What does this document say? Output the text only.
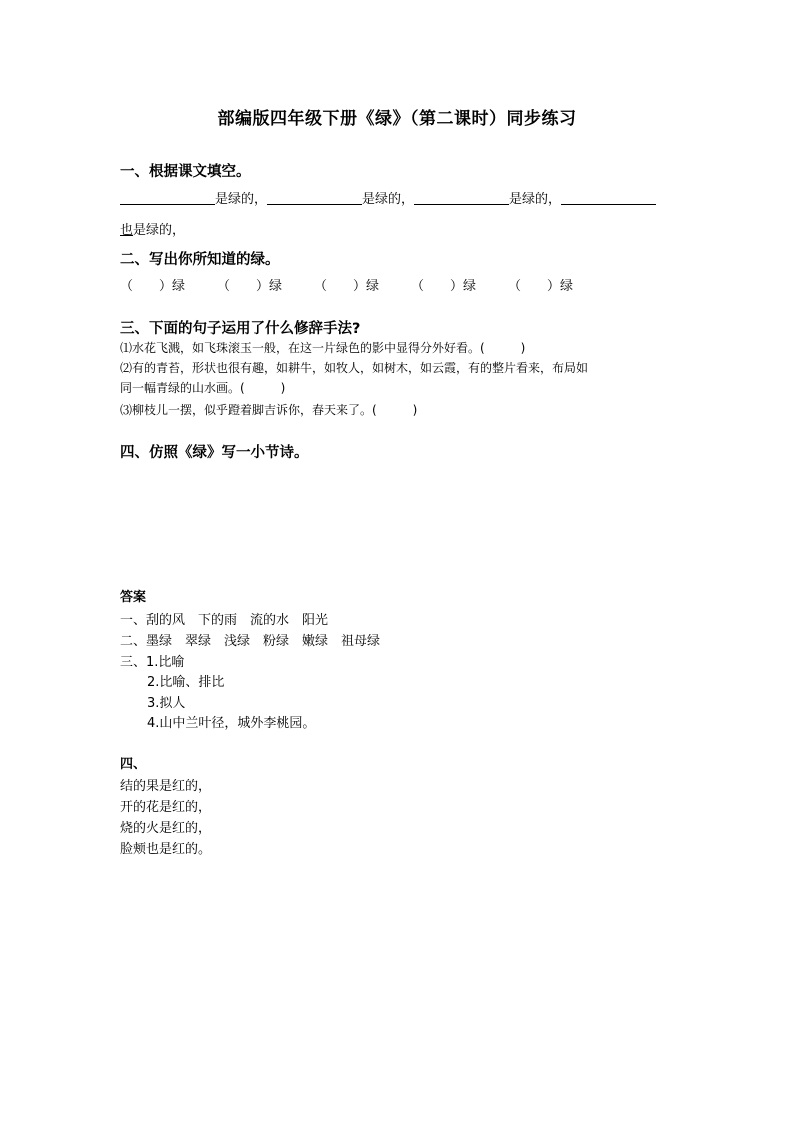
部编版四年级下册《绿》（第二课时）同步练习
一、根据课文填空。
是绿的，	是绿的，	是绿的，
也是绿的，
二、写出你所知道的绿。
（　　）绿 （　　）绿 （　　）绿 （　　）绿 （　　）绿
三、下面的句子运用了什么修辞手法?
⑴水花飞溅，如飞珠滚玉一般，在这一片绿色的影中显得分外好看。(　　　)
⑵有的青苔，形状也很有趣，如耕牛，如牧人，如树木，如云霞，有的整片看来，布局如
同一幅青绿的山水画。(　　　)
⑶柳枝儿一摆，似乎蹬着脚吉诉你，春天来了。(　　　)
四、仿照《绿》写一小节诗。
答案
一、刮的风　下的雨　流的水　阳光
二、墨绿　翠绿　浅绿　粉绿　嫩绿　祖母绿
三、1.比喻
2.比喻、排比
3.拟人
4.山中兰叶径，城外李桃园。
四、
结的果是红的，
开的花是红的，
烧的火是红的，
脸颊也是红的。
